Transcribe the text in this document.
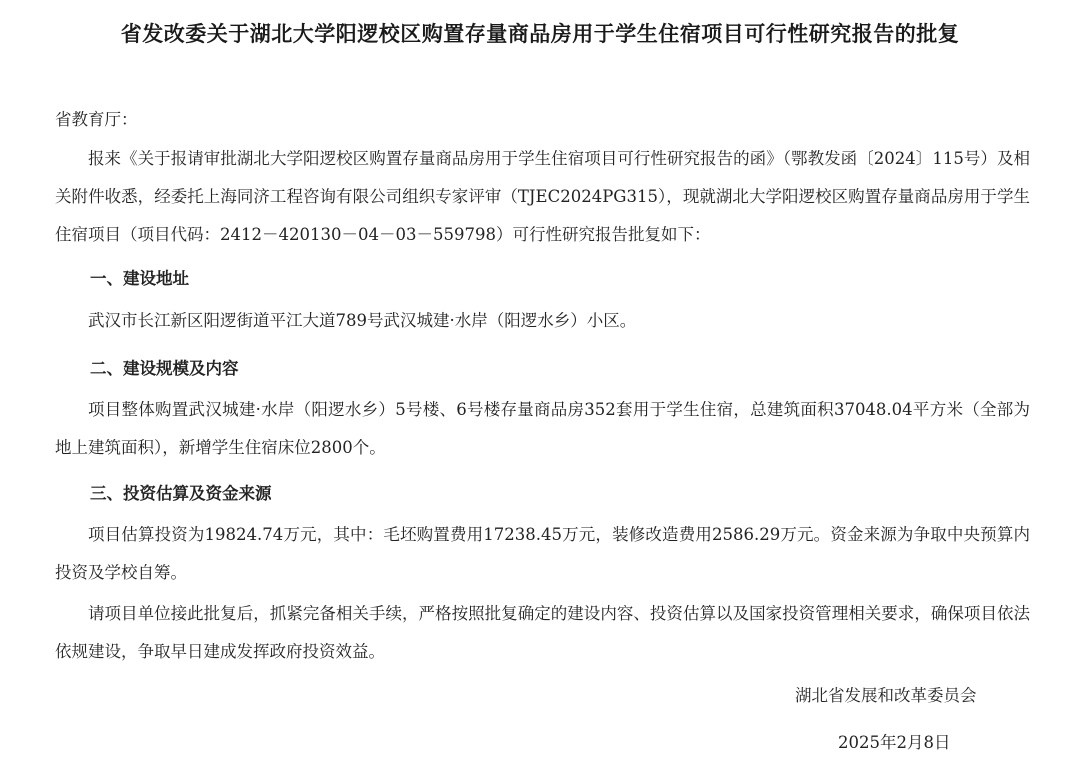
省发改委关于湖北大学阳逻校区购置存量商品房用于学生住宿项目可行性研究报告的批复
省教育厅：
报来《关于报请审批湖北大学阳逻校区购置存量商品房用于学生住宿项目可行性研究报告的函》（鄂教发函〔2024〕115号）及相关附件收悉，经委托上海同济工程咨询有限公司组织专家评审（TJEC2024PG315），现就湖北大学阳逻校区购置存量商品房用于学生住宿项目（项目代码：2412－420130－04－03－559798）可行性研究报告批复如下：
一、建设地址
武汉市长江新区阳逻街道平江大道789号武汉城建·水岸（阳逻水乡）小区。
二、建设规模及内容
项目整体购置武汉城建·水岸（阳逻水乡）5号楼、6号楼存量商品房352套用于学生住宿，总建筑面积37048.04平方米（全部为地上建筑面积），新增学生住宿床位2800个。
三、投资估算及资金来源
项目估算投资为19824.74万元，其中：毛坯购置费用17238.45万元，装修改造费用2586.29万元。资金来源为争取中央预算内投资及学校自筹。
请项目单位接此批复后，抓紧完备相关手续，严格按照批复确定的建设内容、投资估算以及国家投资管理相关要求，确保项目依法依规建设，争取早日建成发挥政府投资效益。
湖北省发展和改革委员会
2025年2月8日
